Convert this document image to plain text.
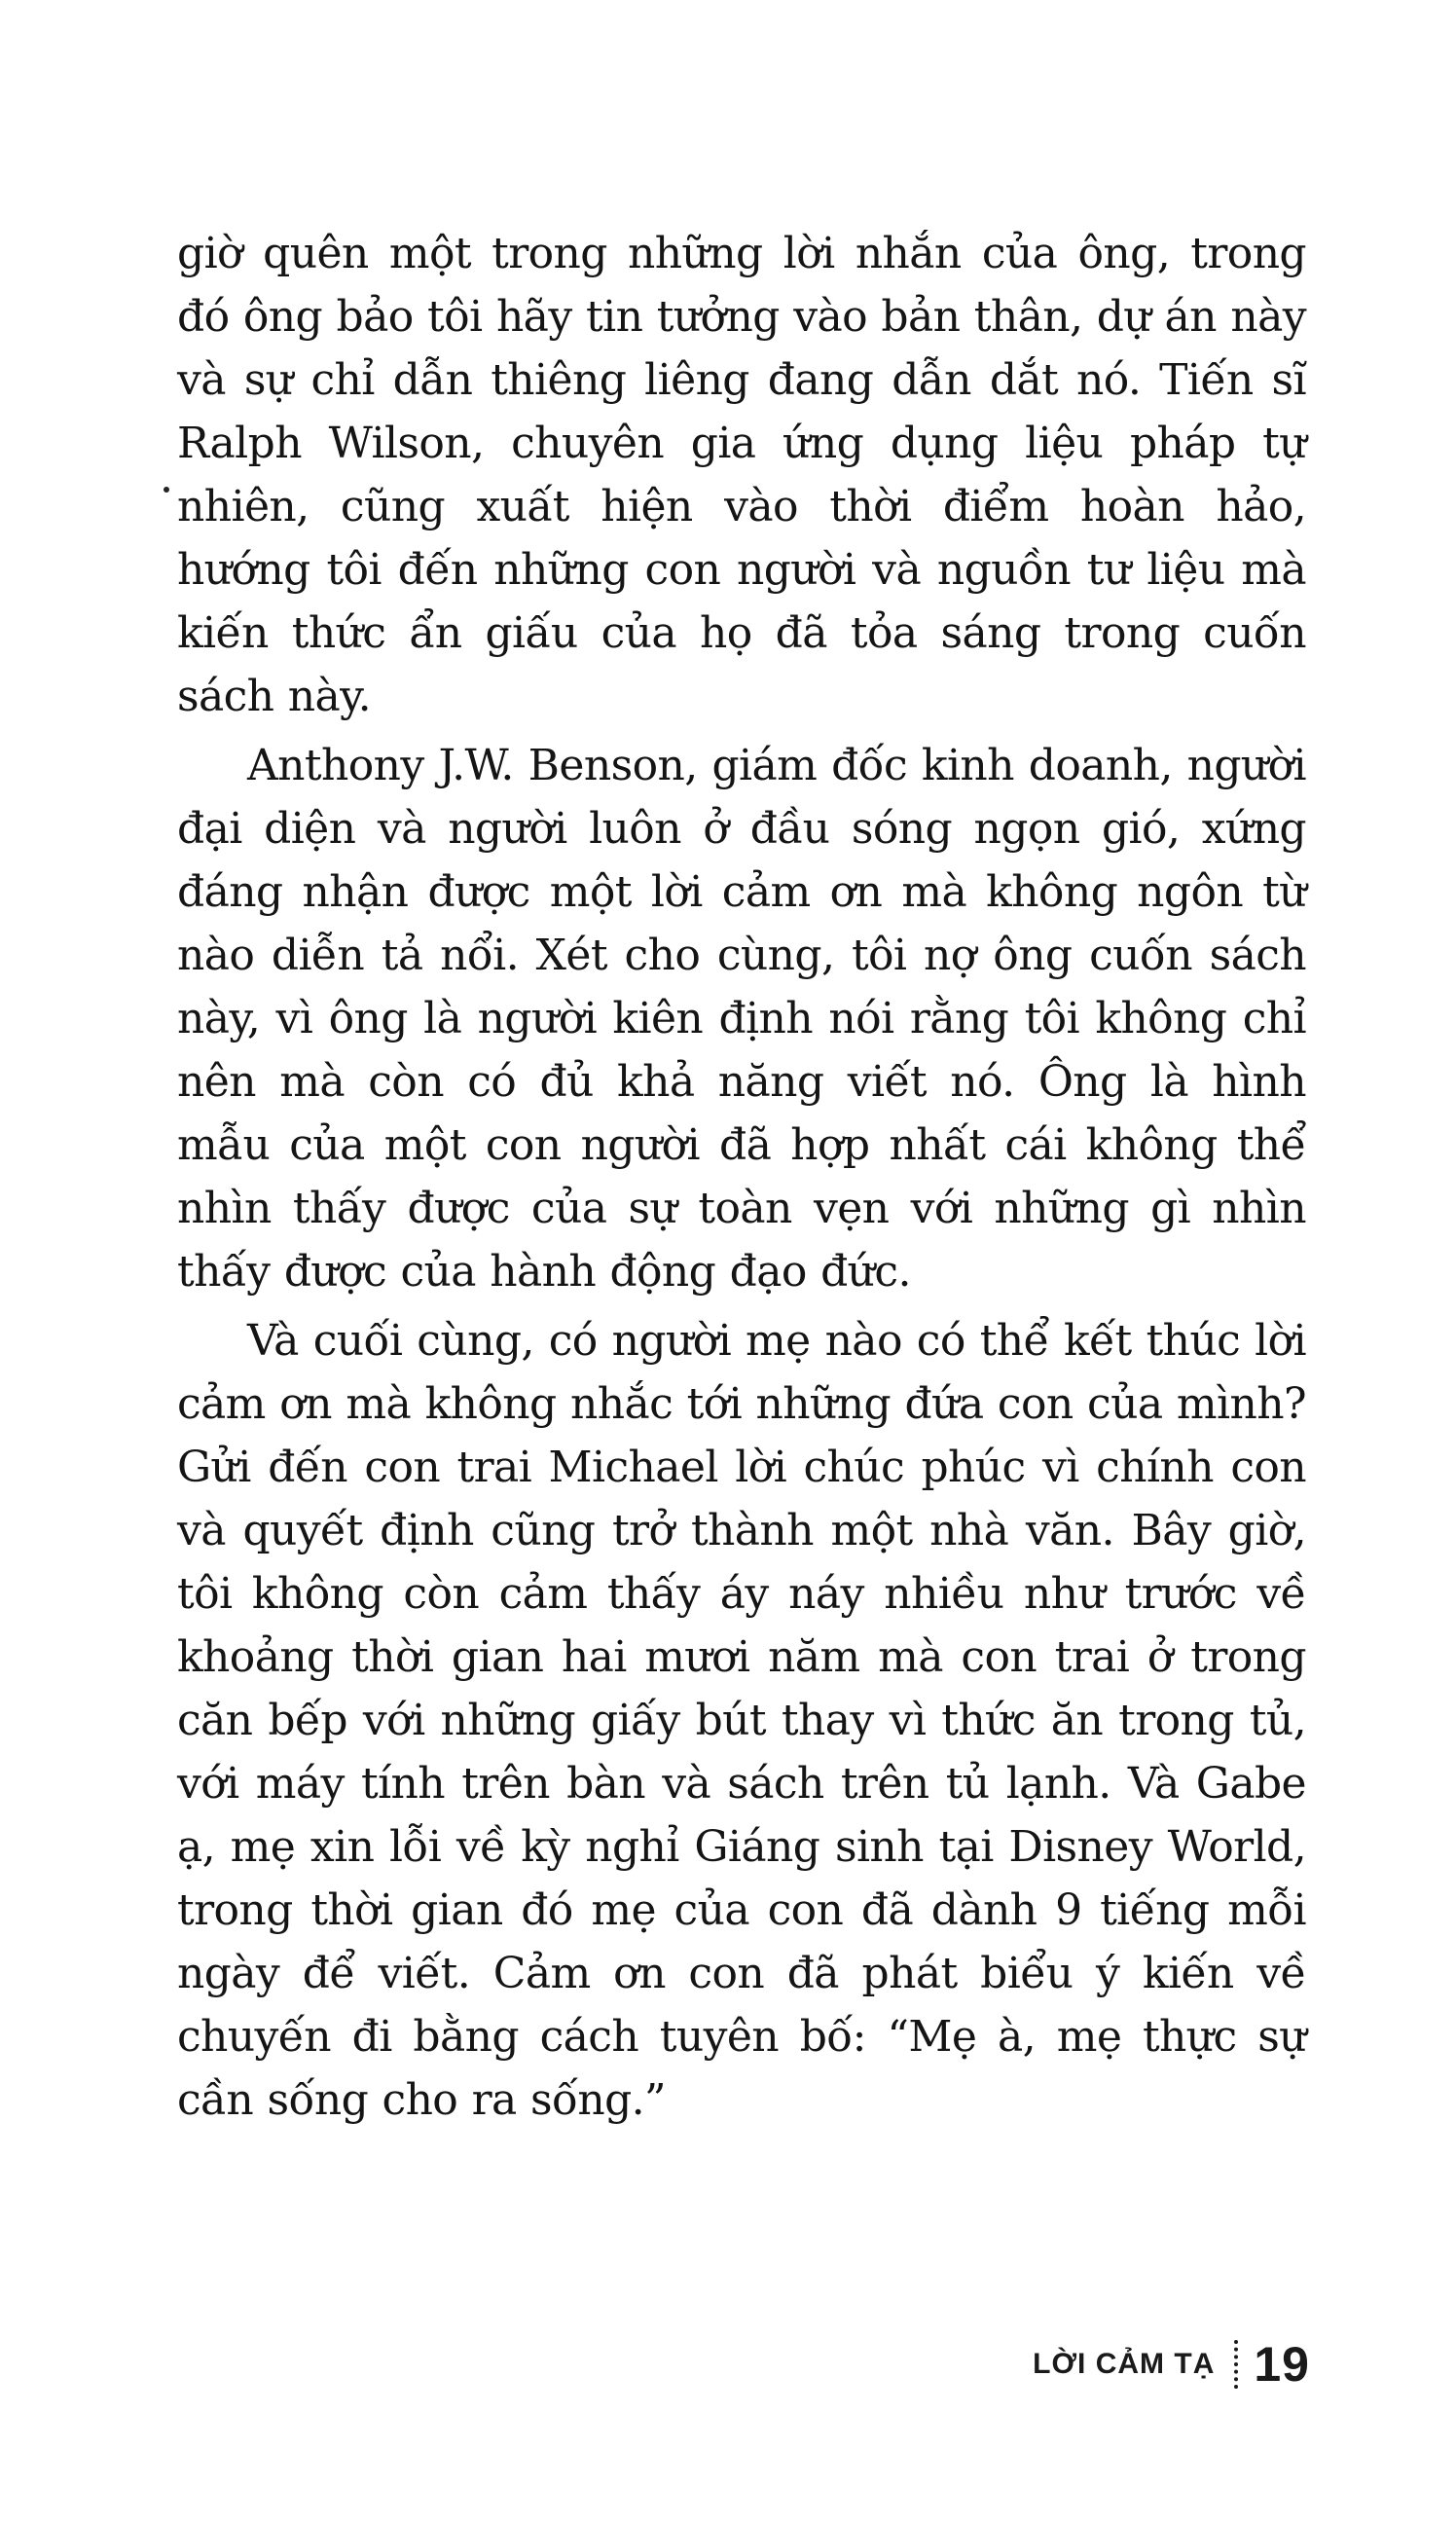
giờ quên một trong những lời nhắn của ông, trong đó ông bảo tôi hãy tin tưởng vào bản thân, dự án này và sự chỉ dẫn thiêng liêng đang dẫn dắt nó. Tiến sĩ Ralph Wilson, chuyên gia ứng dụng liệu pháp tự nhiên, cũng xuất hiện vào thời điểm hoàn hảo, hướng tôi đến những con người và nguồn tư liệu mà kiến thức ẩn giấu của họ đã tỏa sáng trong cuốn sách này.

Anthony J.W. Benson, giám đốc kinh doanh, người đại diện và người luôn ở đầu sóng ngọn gió, xứng đáng nhận được một lời cảm ơn mà không ngôn từ nào diễn tả nổi. Xét cho cùng, tôi nợ ông cuốn sách này, vì ông là người kiên định nói rằng tôi không chỉ nên mà còn có đủ khả năng viết nó. Ông là hình mẫu của một con người đã hợp nhất cái không thể nhìn thấy được của sự toàn vẹn với những gì nhìn thấy được của hành động đạo đức.

Và cuối cùng, có người mẹ nào có thể kết thúc lời cảm ơn mà không nhắc tới những đứa con của mình? Gửi đến con trai Michael lời chúc phúc vì chính con và quyết định cũng trở thành một nhà văn. Bây giờ, tôi không còn cảm thấy áy náy nhiều như trước về khoảng thời gian hai mươi năm mà con trai ở trong căn bếp với những giấy bút thay vì thức ăn trong tủ, với máy tính trên bàn và sách trên tủ lạnh. Và Gabe ạ, mẹ xin lỗi về kỳ nghỉ Giáng sinh tại Disney World, trong thời gian đó mẹ của con đã dành 9 tiếng mỗi ngày để viết. Cảm ơn con đã phát biểu ý kiến về chuyến đi bằng cách tuyên bố: “Mẹ à, mẹ thực sự cần sống cho ra sống.”

LỜI CẢM TẠ 19
